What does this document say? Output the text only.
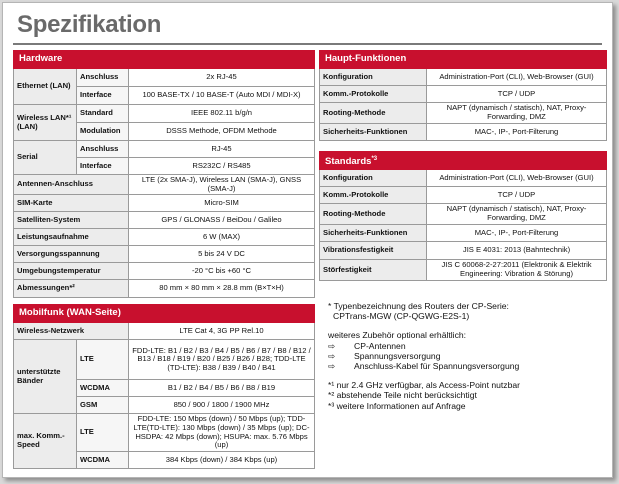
Spezifikation
Hardware		
Ethernet (LAN)	Anschluss	2x RJ-45
	Interface	100 BASE-TX / 10 BASE-T (Auto MDI / MDI-X)
Wireless LAN*¹ (LAN)	Standard	IEEE 802.11 b/g/n
	Modulation	DSSS Methode, OFDM Methode
Serial	Anschluss	RJ-45
	Interface	RS232C / RS485
Antennen-Anschluss		LTE (2x SMA-J), Wireless LAN (SMA-J), GNSS (SMA-J)
SIM-Karte		Micro-SIM
Satelliten-System		GPS / GLONASS / BeiDou / Galileo
Leistungsaufnahme		6 W (MAX)
Versorgungsspannung		5 bis 24 V DC
Umgebungstemperatur		-20 °C bis +60 °C
Abmessungen*²		80 mm × 80 mm × 28.8 mm (B×T×H)

Mobilfunk (WAN-Seite)		
Wireless-Netzwerk		LTE Cat 4, 3G PP Rel.10
unterstützte Bänder	LTE	FDD-LTE: B1 / B2 / B3 / B4 / B5 / B6 / B7 / B8 / B12 / B13 / B18 / B19 / B20 / B25 / B26 / B28; TDD-LTE (TD-LTE): B38 / B39 / B40 / B41
	WCDMA	B1 / B2 / B4 / B5 / B6 / B8 / B19
	GSM	850 / 900 / 1800 / 1900 MHz
max. Komm.-Speed	LTE	FDD-LTE: 150 Mbps (down) / 50 Mbps (up); TDD-LTE(TD-LTE): 130 Mbps (down) / 35 Mbps (up); DC-HSDPA: 42 Mbps (down); HSUPA: max. 5.76 Mbps (up)
	WCDMA	384 Kbps (down) / 384 Kbps (up)
Haupt-Funktionen	
Konfiguration	Administration-Port (CLI), Web-Browser (GUI)
Komm.-Protokolle	TCP / UDP
Rooting-Methode	NAPT (dynamisch / statisch), NAT, Proxy-Forwarding, DMZ
Sicherheits-Funktionen	MAC-, IP-, Port-Filterung

Standards$^{*3}$
Konfiguration	Administration-Port (CLI), Web-Browser (GUI)
Komm.-Protokolle	TCP / UDP
Rooting-Methode	NAPT (dynamisch / statisch), NAT, Proxy-Forwarding, DMZ
Sicherheits-Funktionen	MAC-, IP-, Port-Filterung
Vibrationsfestigkeit	JIS E 4031: 2013 (Bahntechnik)
Störfestigkeit	JIS C 60068-2-27:2011 (Elektronik & Elektrik Engineering: Vibration & Störung)
* Typenbezeichnung des Routers der CP-Serie:
CPTrans-MGW (CP-QGWG-E2S-1)
weiteres Zubehör optional erhältlich:
⇨ CP-Antennen
⇨ Spannungsversorgung
⇨ Anschluss-Kabel für Spannungsversorgung
*¹ nur 2.4 GHz verfügbar, als Access-Point nutzbar
*² abstehende Teile nicht berücksichtigt
*³ weitere Informationen auf Anfrage
